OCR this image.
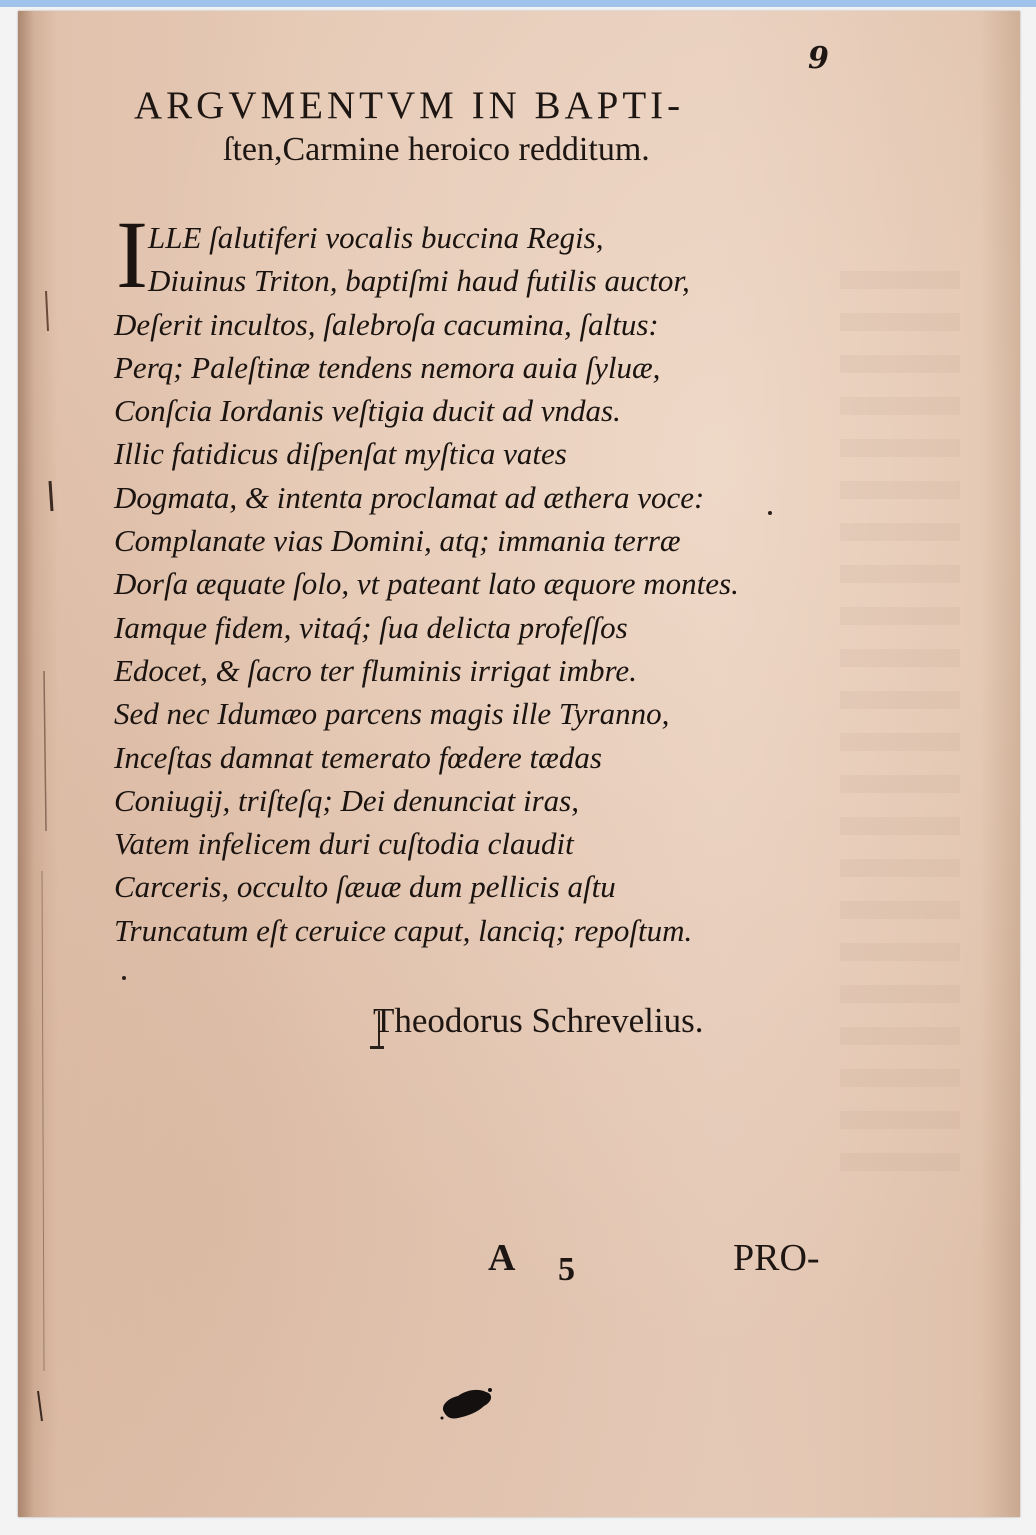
9
ARGVMENTVM IN BAPTI-
ſten,Carmine heroico redditum.
I LLE ſalutiferi vocalis buccina Regis,
Diuinus Triton, baptiſmi haud futilis auctor,
Deſerit incultos, ſalebroſa cacumina, ſaltus:
Perq; Paleſtinæ tendens nemora auia ſyluæ,
Conſcia Iordanis veſtigia ducit ad vndas.
Illic fatidicus diſpenſat myſtica vates
Dogmata, & intenta proclamat ad æthera voce:
Complanate vias Domini, atq; immania terræ
Dorſa æquate ſolo, vt pateant lato æquore montes.
Iamque fidem, vitaq́; ſua delicta profeſſos
Edocet, & ſacro ter fluminis irrigat imbre.
Sed nec Idumæo parcens magis ille Tyranno,
Inceſtas damnat temerato fœdere tædas
Coniugij, triſteſq; Dei denunciat iras,
Vatem infelicem duri cuſtodia claudit
Carceris, occulto ſæuæ dum pellicis aſtu
Truncatum eſt ceruice caput, lanciq; repoſtum.
Theodorus Schrevelius.
A 5	PRO-
